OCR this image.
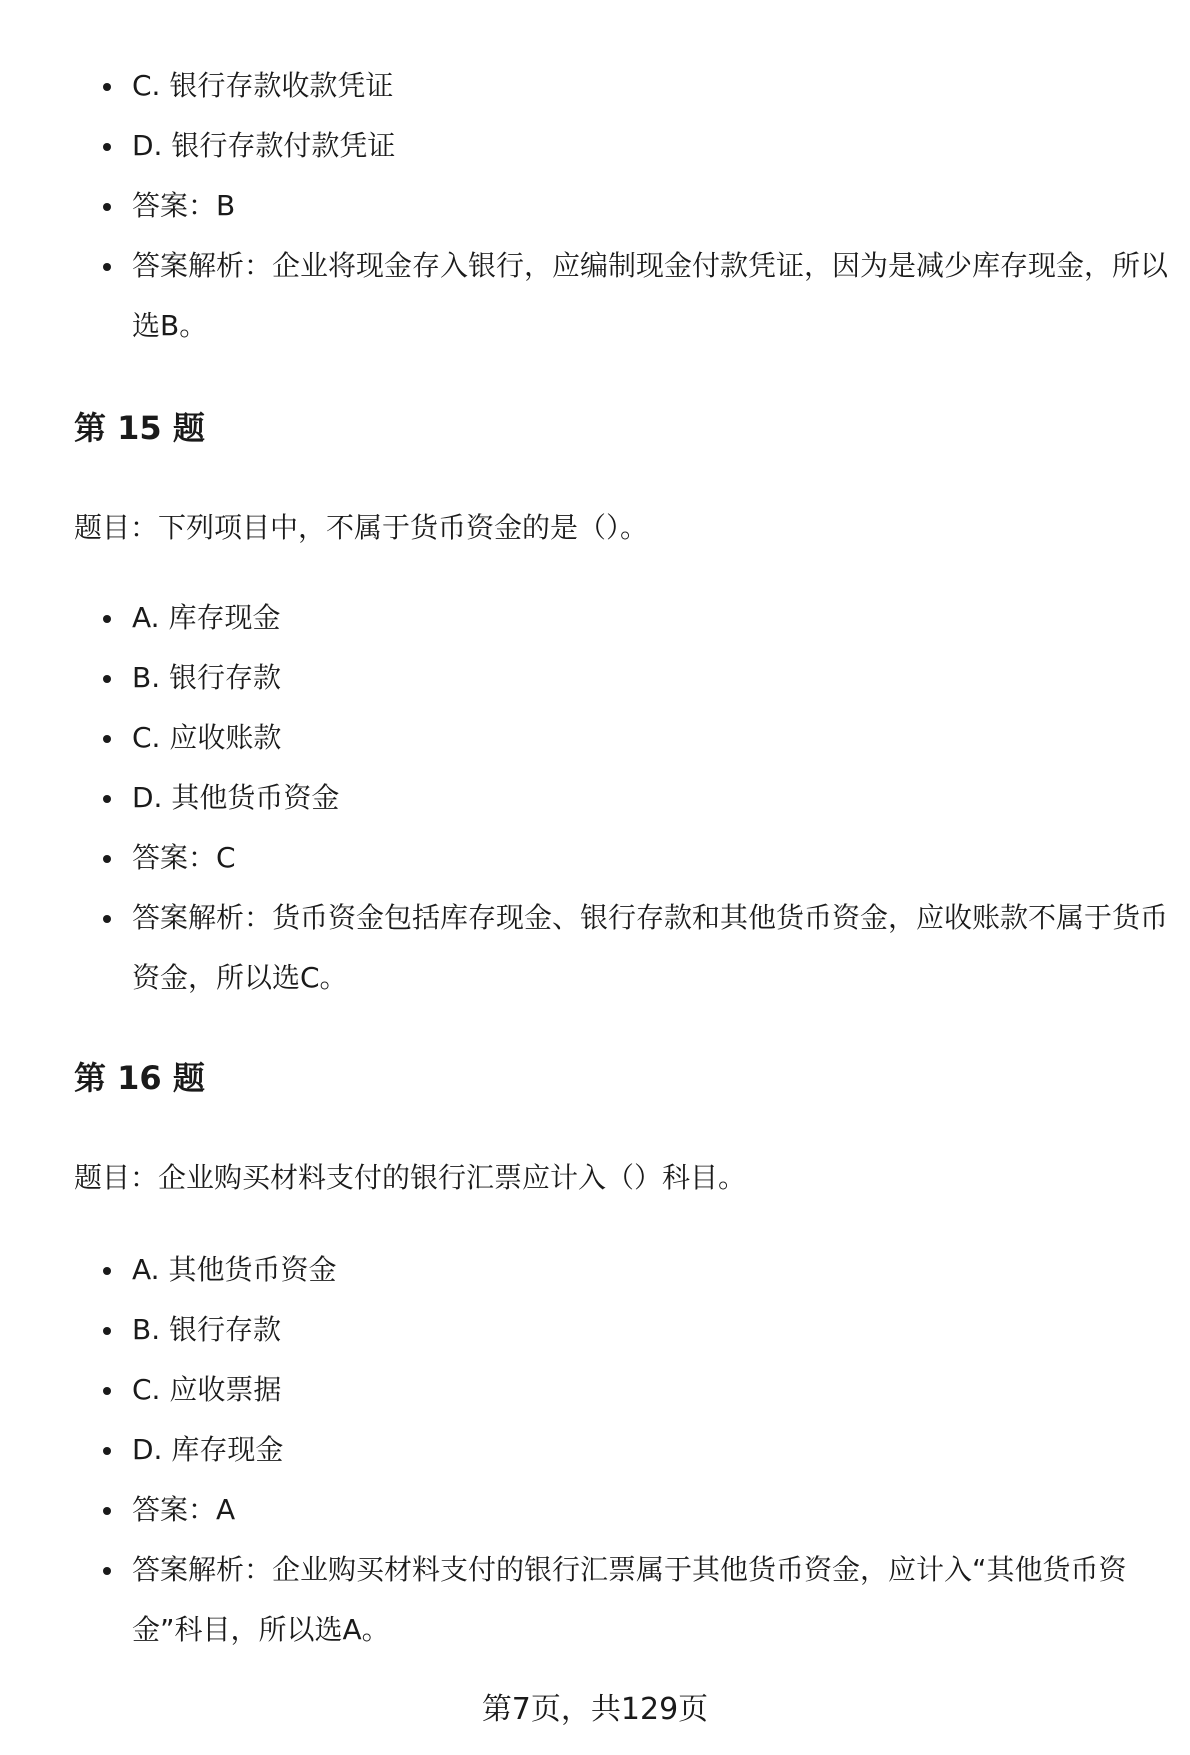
C. 银行存款收款凭证
D. 银行存款付款凭证
答案：B
答案解析：企业将现金存入银行，应编制现金付款凭证，因为是减少库存现金，所以选B。
第 15 题

题目：下列项目中，不属于货币资金的是（）。

A. 库存现金
B. 银行存款
C. 应收账款
D. 其他货币资金
答案：C
答案解析：货币资金包括库存现金、银行存款和其他货币资金，应收账款不属于货币资金，所以选C。
第 16 题

题目：企业购买材料支付的银行汇票应计入（）科目。

A. 其他货币资金
B. 银行存款
C. 应收票据
D. 库存现金
答案：A
答案解析：企业购买材料支付的银行汇票属于其他货币资金，应计入“其他货币资金”科目，所以选A。
第7页，共129页
